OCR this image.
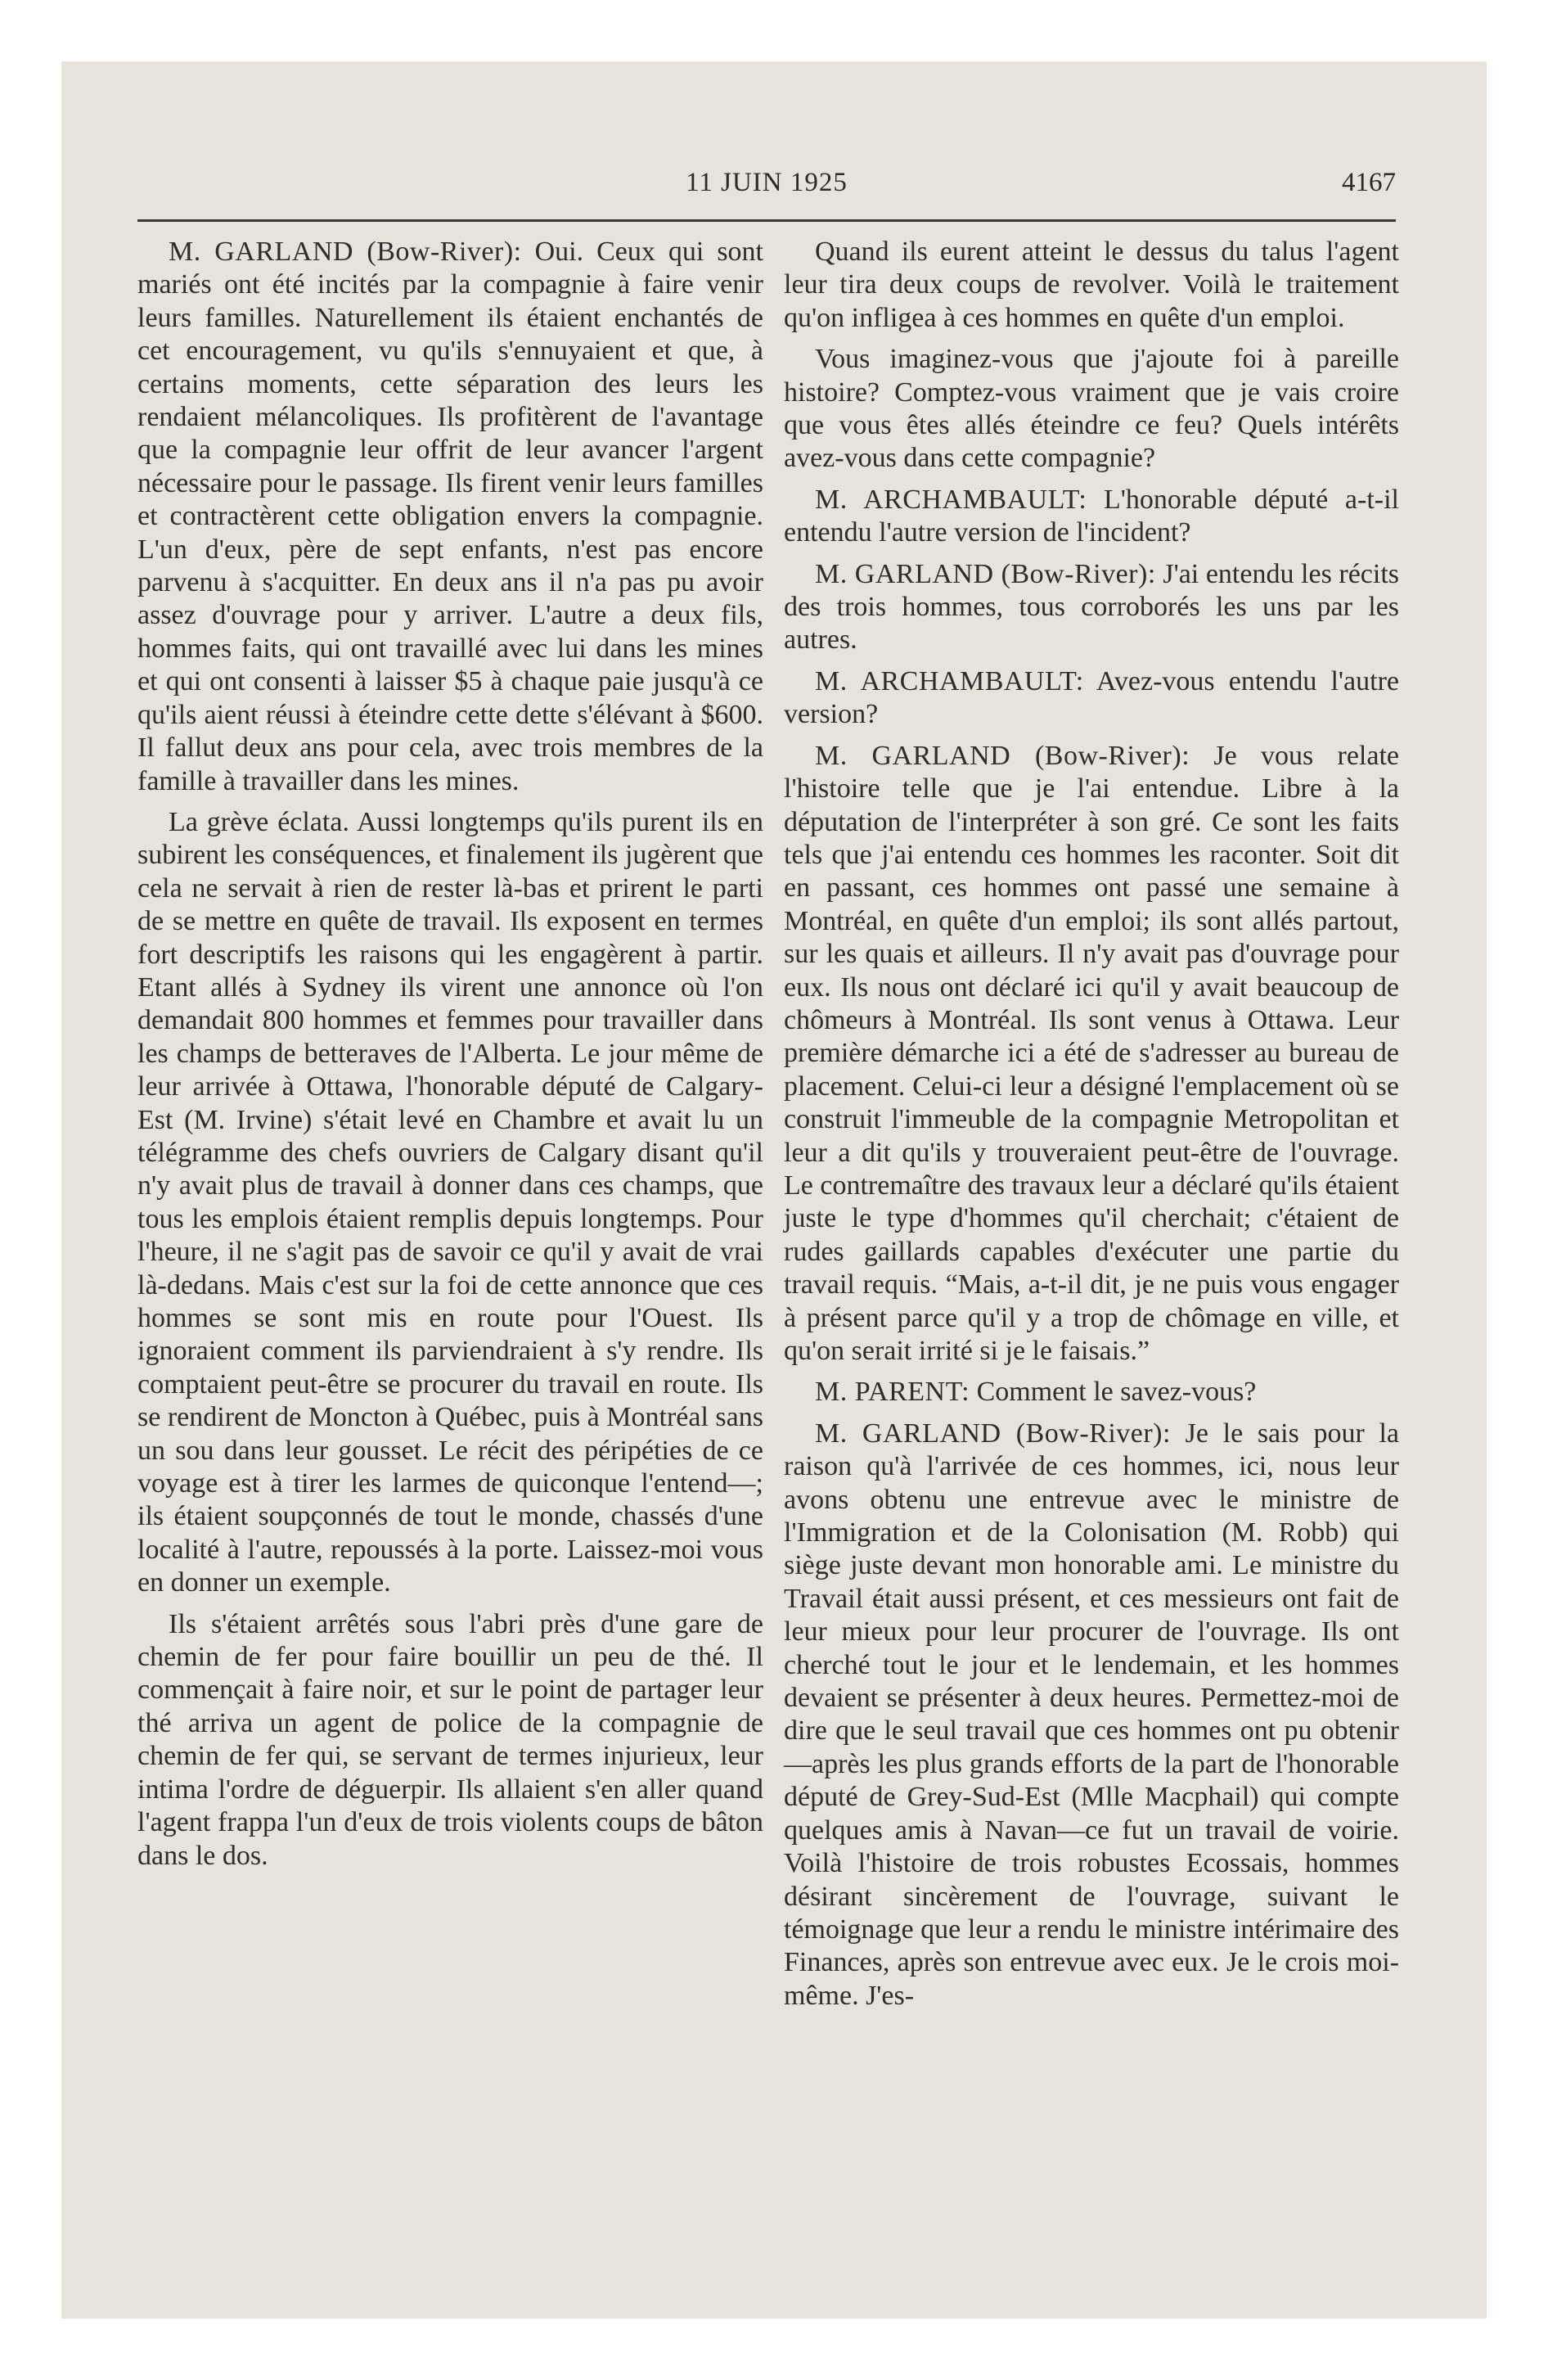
11 JUIN 1925	4167

M. GARLAND (Bow-River): Oui. Ceux qui sont mariés ont été incités par la compagnie à faire venir leurs familles. Naturellement ils étaient enchantés de cet encouragement, vu qu'ils s'ennuyaient et que, à certains moments, cette séparation des leurs les rendaient mélancoliques. Ils profitèrent de l'avantage que la compagnie leur offrit de leur avancer l'argent nécessaire pour le passage. Ils firent venir leurs familles et contractèrent cette obligation envers la compagnie. L'un d'eux, père de sept enfants, n'est pas encore parvenu à s'acquitter. En deux ans il n'a pas pu avoir assez d'ouvrage pour y arriver. L'autre a deux fils, hommes faits, qui ont travaillé avec lui dans les mines et qui ont consenti à laisser $5 à chaque paie jusqu'à ce qu'ils aient réussi à éteindre cette dette s'élévant à $600. Il fallut deux ans pour cela, avec trois membres de la famille à travailler dans les mines.

La grève éclata. Aussi longtemps qu'ils purent ils en subirent les conséquences, et finalement ils jugèrent que cela ne servait à rien de rester là-bas et prirent le parti de se mettre en quête de travail. Ils exposent en termes fort descriptifs les raisons qui les engagèrent à partir. Etant allés à Sydney ils virent une annonce où l'on demandait 800 hommes et femmes pour travailler dans les champs de betteraves de l'Alberta. Le jour même de leur arrivée à Ottawa, l'honorable député de Calgary-Est (M. Irvine) s'était levé en Chambre et avait lu un télégramme des chefs ouvriers de Calgary disant qu'il n'y avait plus de travail à donner dans ces champs, que tous les emplois étaient remplis depuis longtemps. Pour l'heure, il ne s'agit pas de savoir ce qu'il y avait de vrai là-dedans. Mais c'est sur la foi de cette annonce que ces hommes se sont mis en route pour l'Ouest. Ils ignoraient comment ils parviendraient à s'y rendre. Ils comptaient peut-être se procurer du travail en route. Ils se rendirent de Moncton à Québec, puis à Montréal sans un sou dans leur gousset. Le récit des péripéties de ce voyage est à tirer les larmes de quiconque l'entend—; ils étaient soupçonnés de tout le monde, chassés d'une localité à l'autre, repoussés à la porte. Laissez-moi vous en donner un exemple.

Ils s'étaient arrêtés sous l'abri près d'une gare de chemin de fer pour faire bouillir un peu de thé. Il commençait à faire noir, et sur le point de partager leur thé arriva un agent de police de la compagnie de chemin de fer qui, se servant de termes injurieux, leur intima l'ordre de déguerpir. Ils allaient s'en aller quand l'agent frappa l'un d'eux de trois violents coups de bâton dans le dos.

Quand ils eurent atteint le dessus du talus l'agent leur tira deux coups de revolver. Voilà le traitement qu'on infligea à ces hommes en quête d'un emploi.

Vous imaginez-vous que j'ajoute foi à pareille histoire? Comptez-vous vraiment que je vais croire que vous êtes allés éteindre ce feu? Quels intérêts avez-vous dans cette compagnie?

M. ARCHAMBAULT: L'honorable député a-t-il entendu l'autre version de l'incident?

M. GARLAND (Bow-River): J'ai entendu les récits des trois hommes, tous corroborés les uns par les autres.

M. ARCHAMBAULT: Avez-vous entendu l'autre version?

M. GARLAND (Bow-River): Je vous relate l'histoire telle que je l'ai entendue. Libre à la députation de l'interpréter à son gré. Ce sont les faits tels que j'ai entendu ces hommes les raconter. Soit dit en passant, ces hommes ont passé une semaine à Montréal, en quête d'un emploi; ils sont allés partout, sur les quais et ailleurs. Il n'y avait pas d'ouvrage pour eux. Ils nous ont déclaré ici qu'il y avait beaucoup de chômeurs à Montréal. Ils sont venus à Ottawa. Leur première démarche ici a été de s'adresser au bureau de placement. Celui-ci leur a désigné l'emplacement où se construit l'immeuble de la compagnie Metropolitan et leur a dit qu'ils y trouveraient peut-être de l'ouvrage. Le contremaître des travaux leur a déclaré qu'ils étaient juste le type d'hommes qu'il cherchait; c'étaient de rudes gaillards capables d'exécuter une partie du travail requis. “Mais, a-t-il dit, je ne puis vous engager à présent parce qu'il y a trop de chômage en ville, et qu'on serait irrité si je le faisais.”

M. PARENT: Comment le savez-vous?

M. GARLAND (Bow-River): Je le sais pour la raison qu'à l'arrivée de ces hommes, ici, nous leur avons obtenu une entrevue avec le ministre de l'Immigration et de la Colonisation (M. Robb) qui siège juste devant mon honorable ami. Le ministre du Travail était aussi présent, et ces messieurs ont fait de leur mieux pour leur procurer de l'ouvrage. Ils ont cherché tout le jour et le lendemain, et les hommes devaient se présenter à deux heures. Permettez-moi de dire que le seul travail que ces hommes ont pu obtenir—après les plus grands efforts de la part de l'honorable député de Grey-Sud-Est (Mlle Macphail) qui compte quelques amis à Navan—ce fut un travail de voirie. Voilà l'histoire de trois robustes Ecossais, hommes désirant sincèrement de l'ouvrage, suivant le témoignage que leur a rendu le ministre intérimaire des Finances, après son entrevue avec eux. Je le crois moi-même. J'es-
